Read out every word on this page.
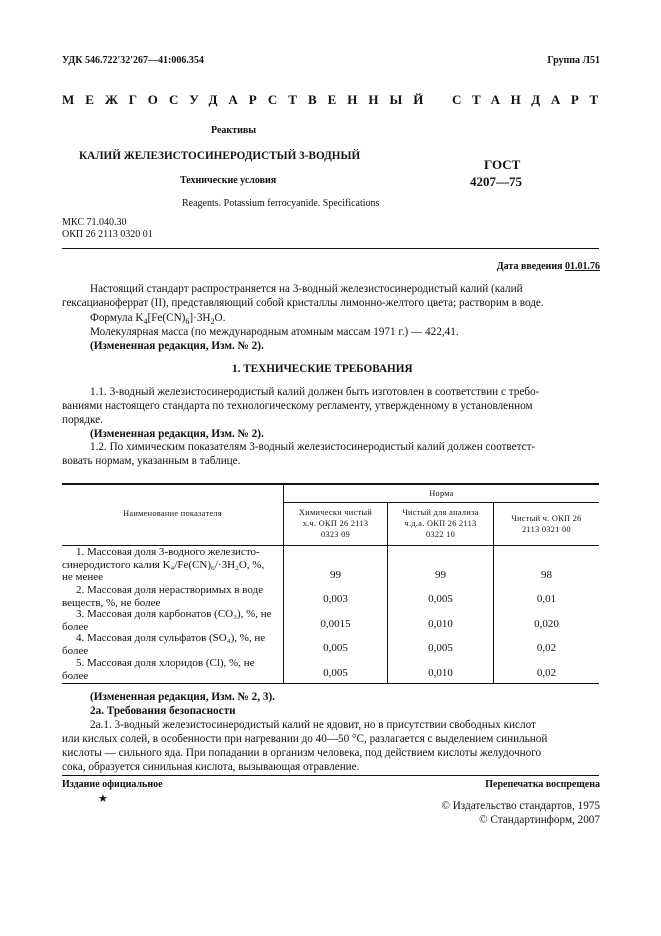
УДК 546.722'32'267—41:006.354	Группа Л51
МЕЖГОСУДАРСТВЕННЫЙ СТАНДАРТ
Реактивы
КАЛИЙ ЖЕЛЕЗИСТОСИНЕРОДИСТЫЙ 3-ВОДНЫЙ
Технические условия
Reagents. Potassium ferrocyanide. Specifications
ГОСТ
4207—75
МКС 71.040.30
ОКП 26 2113 0320 01
Дата введения 01.01.76
Настоящий стандарт распространяется на 3-водный железистосинеродистый калий (калий
гексацианоферрат (II), представляющий собой кристаллы лимонно-желтого цвета; растворим в воде.
Формула $K_4[Fe(CN)_6]\cdot 3H_2O$.
Молекулярная масса (по международным атомным массам 1971 г.) — 422,41.
(Измененная редакция, Изм. № 2).
1. ТЕХНИЧЕСКИЕ ТРЕБОВАНИЯ
1.1. 3-водный железистосинеродистый калий должен быть изготовлен в соответствии с требо-
ваниями настоящего стандарта по технологическому регламенту, утвержденному в установленном
порядке.
(Измененная редакция, Изм. № 2).
1.2. По химическим показателям 3-водный железистосинеродистый калий должен соответст-
вовать нормам, указанным в таблице.
Наименование показателя
Норма
Химически чистый
х.ч. ОКП 26 2113
0323 09
Чистый для анализа
ч.д.а. ОКП 26 2113
0322 10
Чистый ч. ОКП 26
2113 0321 00
1. Массовая доля 3-водного железисто-
синеродистого калия K₄/Fe(CN)₆/·3H₂O, %,
не менее	99	99	98
2. Массовая доля нерастворимых в воде
веществ, %, не более	0,003	0,005	0,01
3. Массовая доля карбонатов (CO₃), %, не
более	0,0015	0,010	0,020
4. Массовая доля сульфатов (SO₄), %, не
более	0,005	0,005	0,02
5. Массовая доля хлоридов (Cl), %, не
более	0,005	0,010	0,02
(Измененная редакция, Изм. № 2, 3).
2а. Требования безопасности
2а.1. 3-водный железистосинеродистый калий не ядовит, но в присутствии свободных кислот
или кислых солей, в особенности при нагревании до 40—50 °С, разлагается с выделением синильной
кислоты — сильного яда. При попадании в организм человека, под действием кислоты желудочного
сока, образуется синильная кислота, вызывающая отравление.
Издание официальное	Перепечатка воспрещена
★
© Издательство стандартов, 1975
© Стандартинформ, 2007
